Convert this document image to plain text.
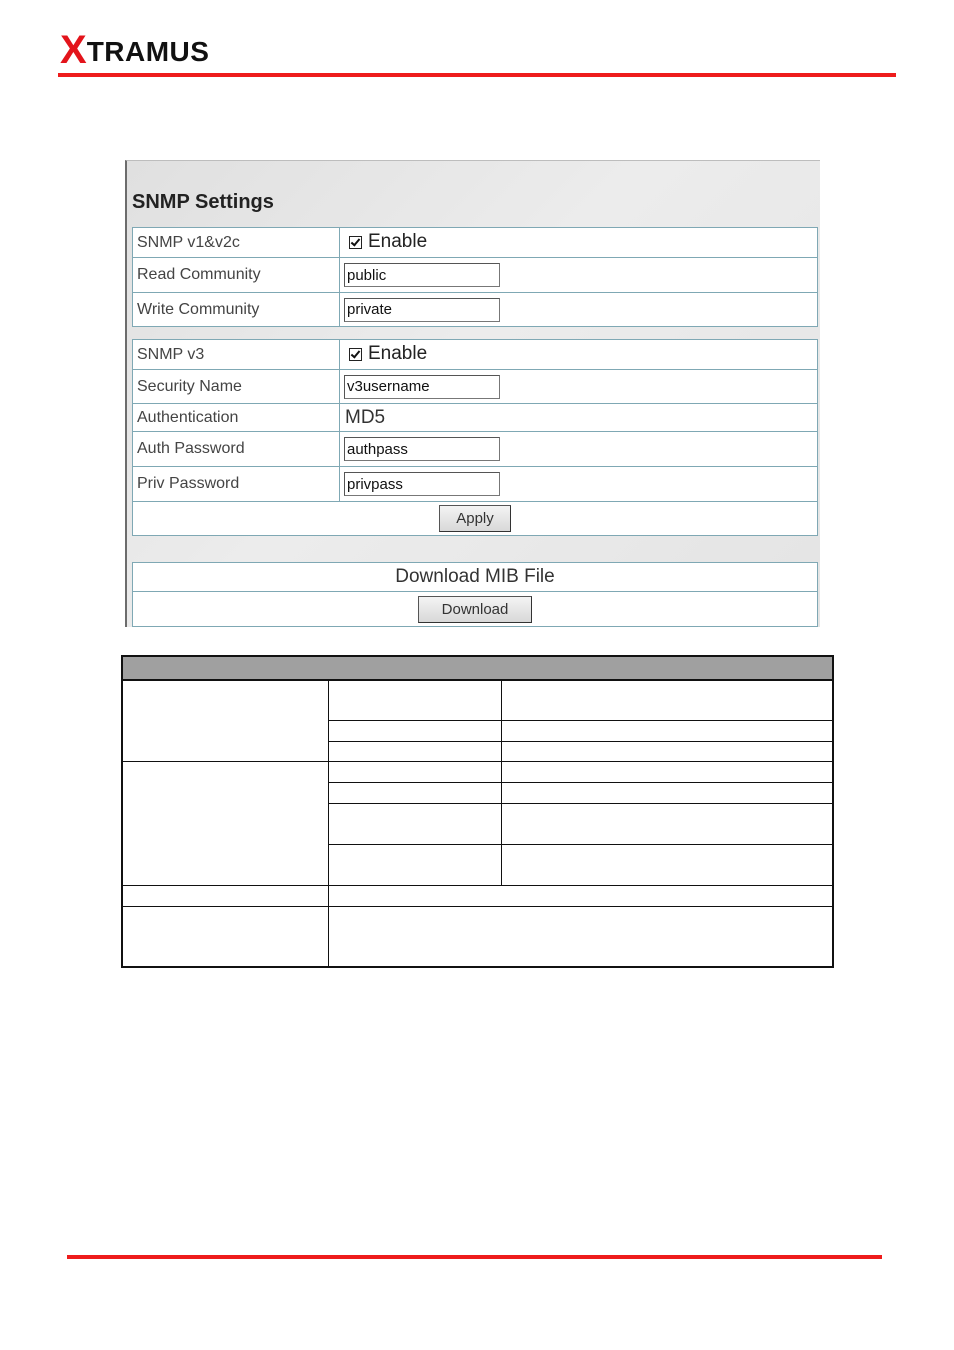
X TRAMUS
SNMP Settings
SNMP v1&v2c	Enable

Read Community	public
Write Community	private
SNMP v3	Enable

Security Name	v3username
Authentication	MD5
Auth Password	authpass
Priv Password	privpass
Apply	
Download MIB File
Download
